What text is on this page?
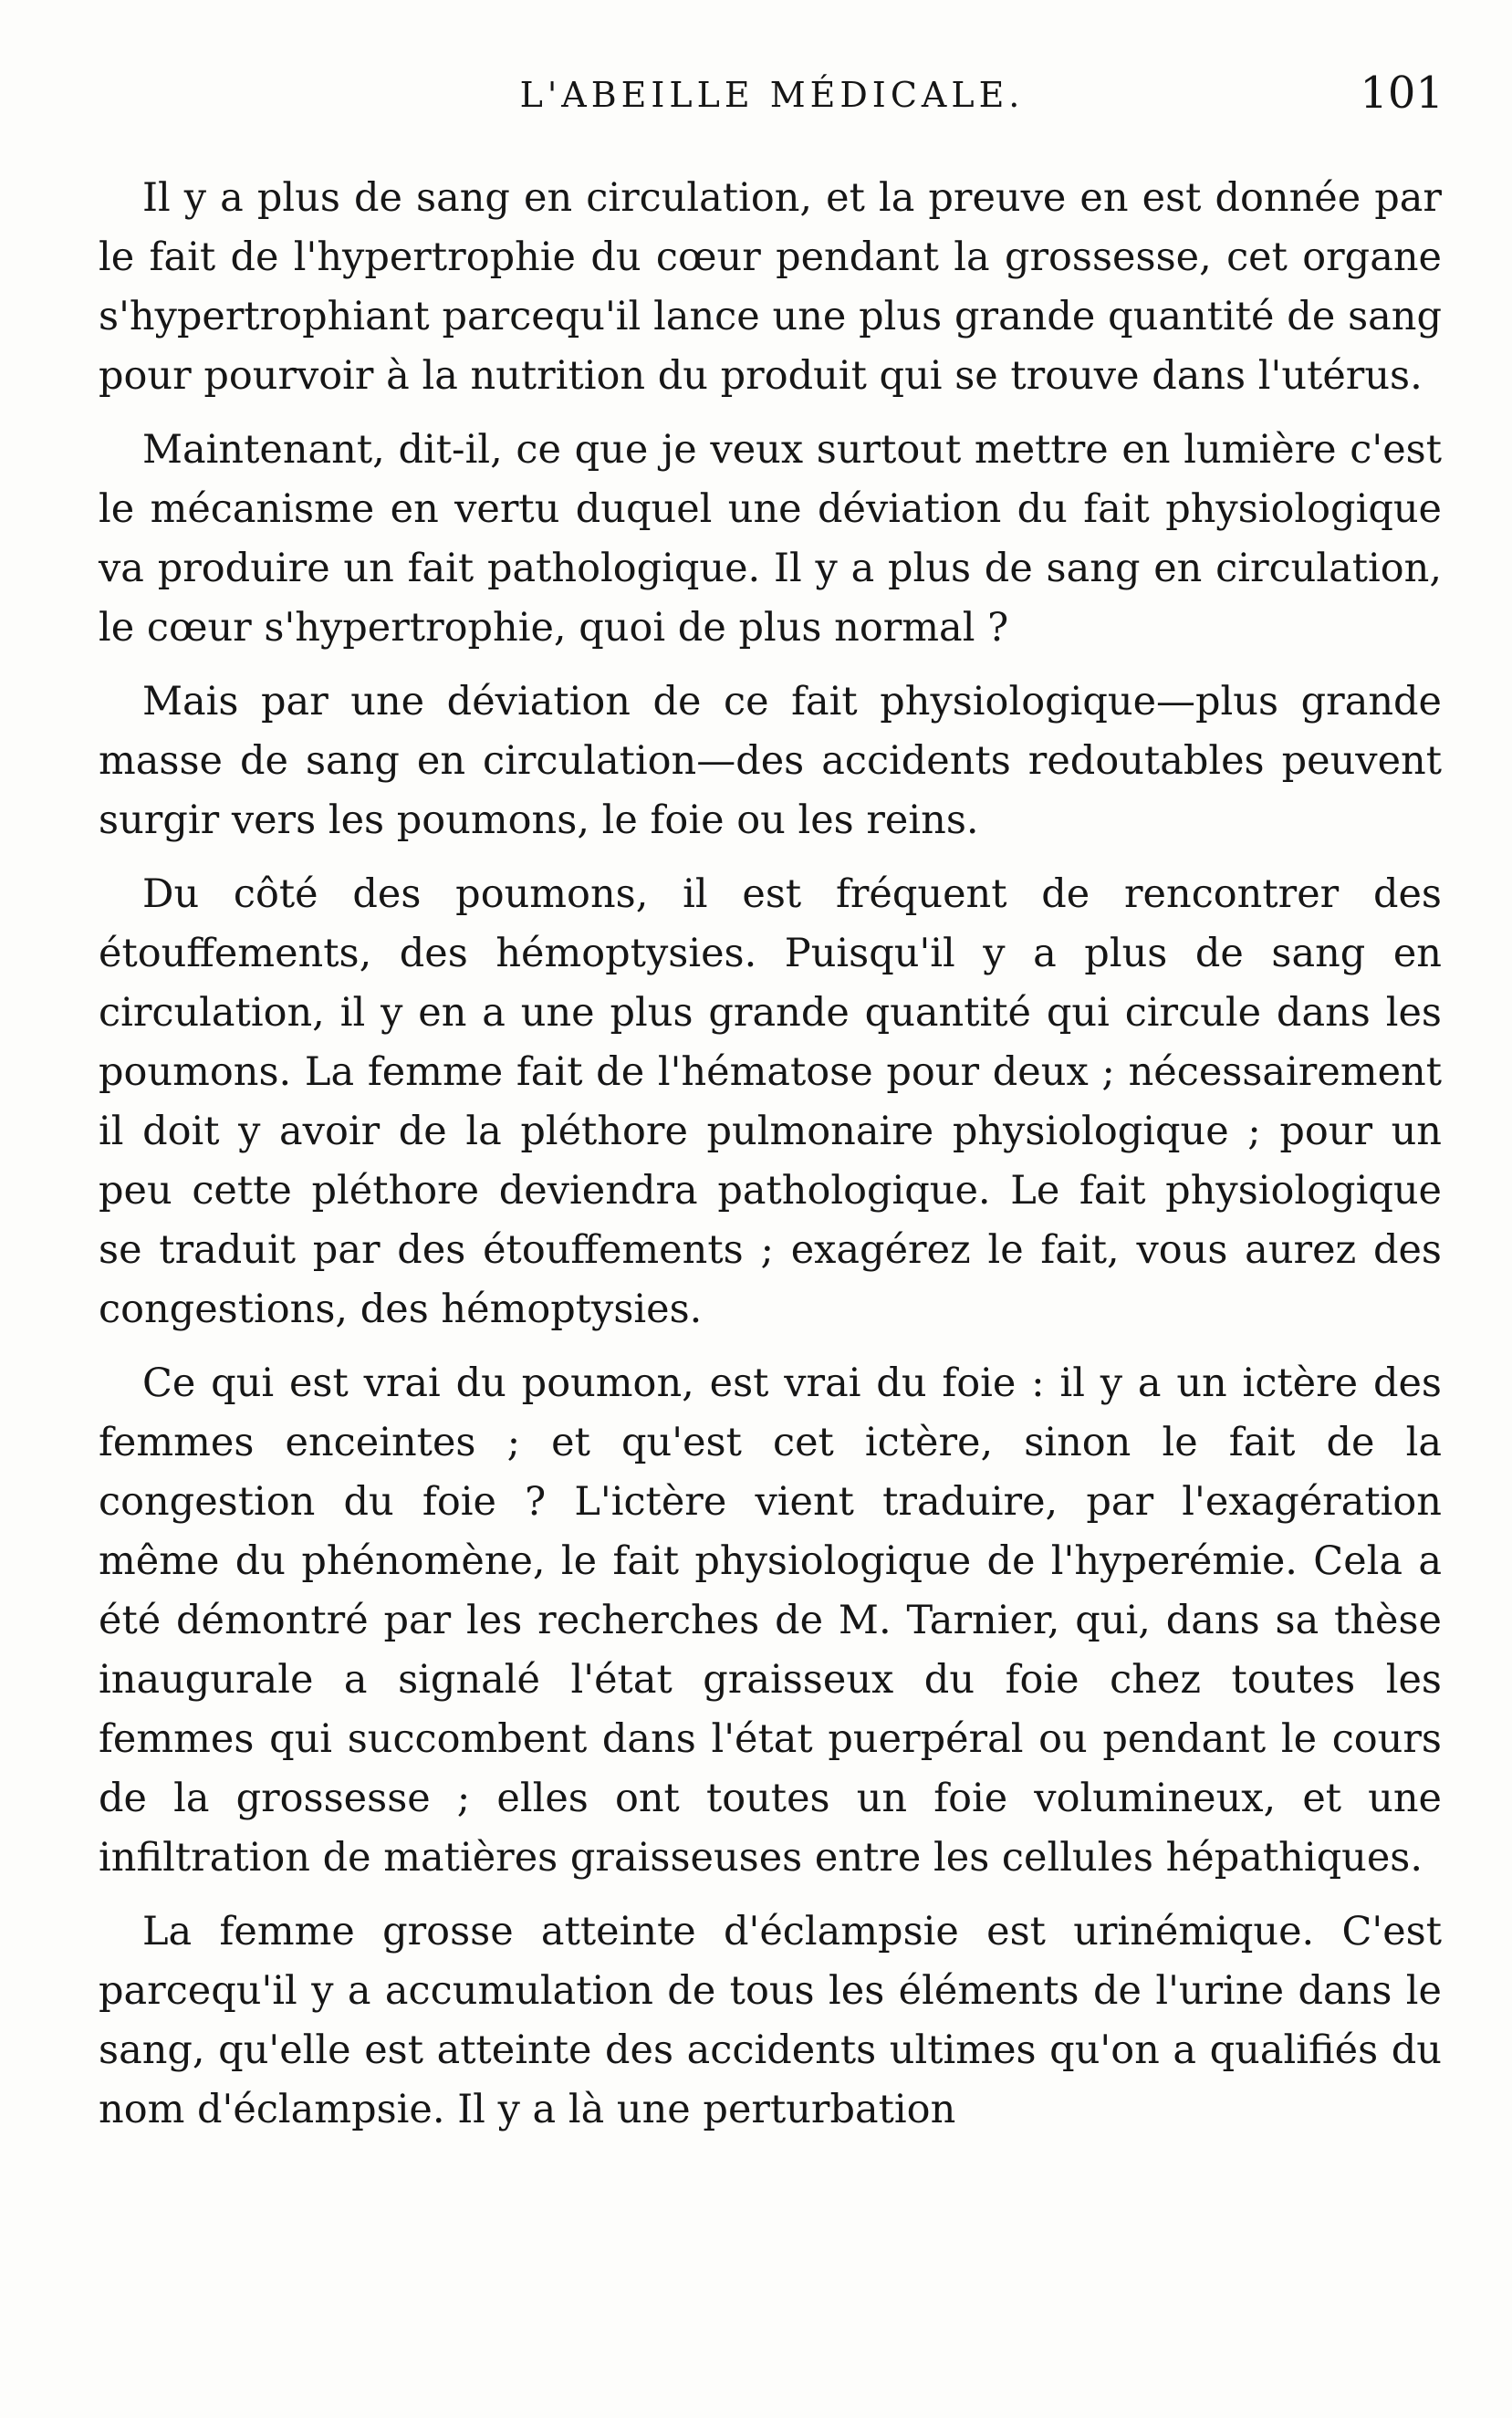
L'ABEILLE MÉDICALE.	101

Il y a plus de sang en circulation, et la preuve en est donnée par le fait de l'hypertrophie du cœur pendant la grossesse, cet organe s'hypertrophiant parcequ'il lance une plus grande quantité de sang pour pourvoir à la nutrition du produit qui se trouve dans l'utérus.

Maintenant, dit-il, ce que je veux surtout mettre en lumière c'est le mécanisme en vertu duquel une déviation du fait physiologique va produire un fait pathologique. Il y a plus de sang en circulation, le cœur s'hypertrophie, quoi de plus normal ?

Mais par une déviation de ce fait physiologique—plus grande masse de sang en circulation—des accidents redoutables peuvent surgir vers les poumons, le foie ou les reins.

Du côté des poumons, il est fréquent de rencontrer des étouffements, des hémoptysies. Puisqu'il y a plus de sang en circulation, il y en a une plus grande quantité qui circule dans les poumons. La femme fait de l'hématose pour deux ; nécessairement il doit y avoir de la pléthore pulmonaire physiologique ; pour un peu cette pléthore deviendra pathologique. Le fait physiologique se traduit par des étouffements ; exagérez le fait, vous aurez des congestions, des hémoptysies.

Ce qui est vrai du poumon, est vrai du foie : il y a un ictère des femmes enceintes ; et qu'est cet ictère, sinon le fait de la congestion du foie ? L'ictère vient traduire, par l'exagération même du phénomène, le fait physiologique de l'hyperémie. Cela a été démontré par les recherches de M. Tarnier, qui, dans sa thèse inaugurale a signalé l'état graisseux du foie chez toutes les femmes qui succombent dans l'état puerpéral ou pendant le cours de la grossesse ; elles ont toutes un foie volumineux, et une infiltration de matières graisseuses entre les cellules hépathiques.

La femme grosse atteinte d'éclampsie est urinémique. C'est parcequ'il y a accumulation de tous les éléments de l'urine dans le sang, qu'elle est atteinte des accidents ultimes qu'on a qualifiés du nom d'éclampsie. Il y a là une perturbation
